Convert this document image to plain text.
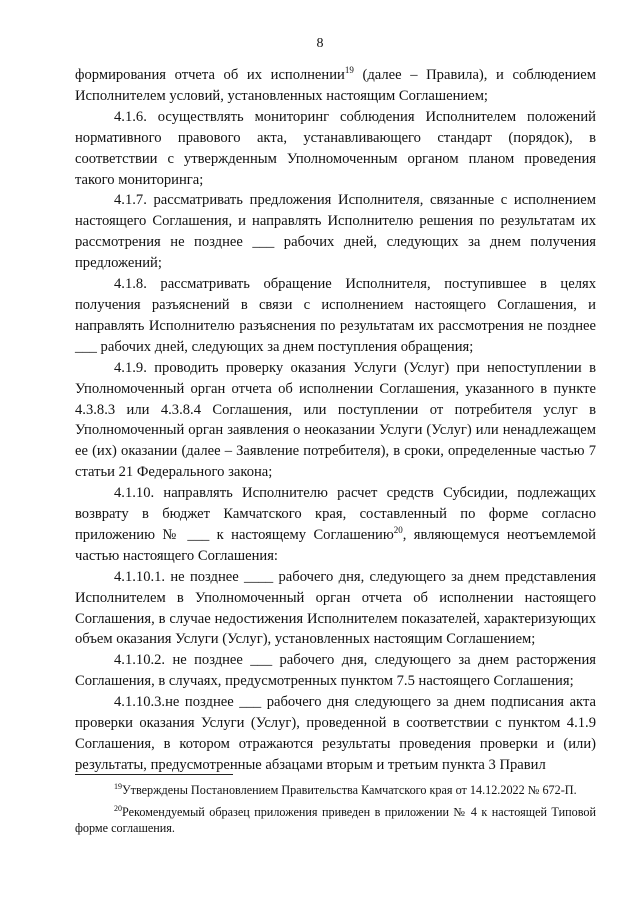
8

формирования отчета об их исполнении$^{19}$ (далее – Правила), и соблюдением Исполнителем условий, установленных настоящим Соглашением;

4.1.6. осуществлять мониторинг соблюдения Исполнителем положений нормативного правового акта, устанавливающего стандарт (порядок), в соответствии с утвержденным Уполномоченным органом планом проведения такого мониторинга;

4.1.7. рассматривать предложения Исполнителя, связанные с исполнением настоящего Соглашения, и направлять Исполнителю решения по результатам их рассмотрения не позднее ___ рабочих дней, следующих за днем получения предложений;

4.1.8. рассматривать обращение Исполнителя, поступившее в целях получения разъяснений в связи с исполнением настоящего Соглашения, и направлять Исполнителю разъяснения по результатам их рассмотрения не позднее ___ рабочих дней, следующих за днем поступления обращения;

4.1.9. проводить проверку оказания Услуги (Услуг) при непоступлении в Уполномоченный орган отчета об исполнении Соглашения, указанного в пункте 4.3.8.3 или 4.3.8.4 Соглашения, или поступлении от потребителя услуг в Уполномоченный орган заявления о неоказании Услуги (Услуг) или ненадлежащем ее (их) оказании (далее – Заявление потребителя), в сроки, определенные частью 7 статьи 21 Федерального закона;

4.1.10. направлять Исполнителю расчет средств Субсидии, подлежащих возврату в бюджет Камчатского края, составленный по форме согласно приложению № ___ к настоящему Соглашению$^{20}$, являющемуся неотъемлемой частью настоящего Соглашения:

4.1.10.1. не позднее ____ рабочего дня, следующего за днем представления Исполнителем в Уполномоченный орган отчета об исполнении настоящего Соглашения, в случае недостижения Исполнителем показателей, характеризующих объем оказания Услуги (Услуг), установленных настоящим Соглашением;

4.1.10.2. не позднее ___ рабочего дня, следующего за днем расторжения Соглашения, в случаях, предусмотренных пунктом 7.5 настоящего Соглашения;

4.1.10.3.не позднее ___ рабочего дня следующего за днем подписания акта проверки оказания Услуги (Услуг), проведенной в соответствии с пунктом 4.1.9 Соглашения, в котором отражаются результаты проведения проверки и (или) результаты, предусмотренные абзацами вторым и третьим пункта 3 Правил

$^{19}$Утверждены Постановлением Правительства Камчатского края от 14.12.2022 № 672-П.

$^{20}$Рекомендуемый образец приложения приведен в приложении № 4 к настоящей Типовой форме соглашения.
